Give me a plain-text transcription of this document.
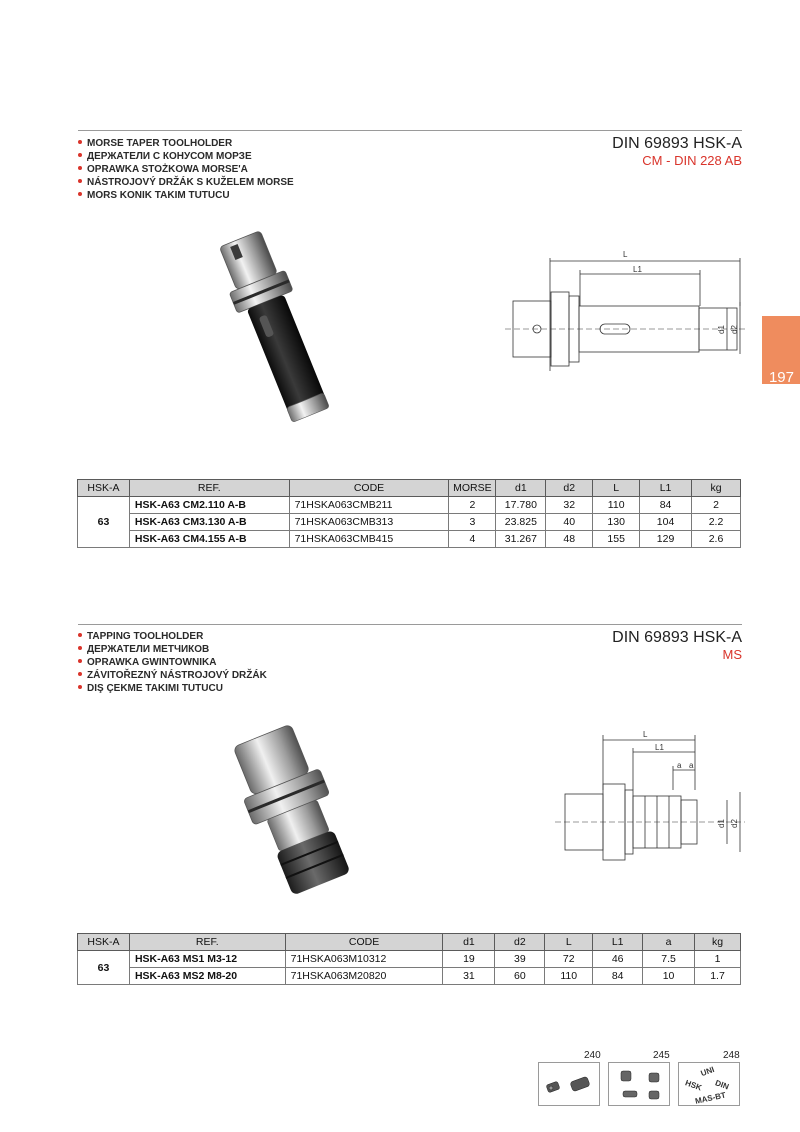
197
MORSE TAPER TOOLHOLDER
ДЕРЖАТЕЛИ С КОНУСОМ МОРЗЕ
OPRAWKA STOŻKOWA MORSE'A
NÁSTROJOVÝ DRŽÁK S KUŽELEM MORSE
MORS KONIK TAKIM TUTUCU
DIN 69893 HSK-A
CM - DIN 228 AB
L
L1
d1 d2
HSK-A	REF.	CODE	MORSE	d1	d2	L	L1	kg
63	HSK-A63 CM2.110 A-B	71HSKA063CMB211	2	17.780	32	110	84	2
	HSK-A63 CM3.130 A-B	71HSKA063CMB313	3	23.825	40	130	104	2.2
	HSK-A63 CM4.155 A-B	71HSKA063CMB415	4	31.267	48	155	129	2.6
TAPPING TOOLHOLDER
ДЕРЖАТЕЛИ МЕТЧИКОВ
OPRAWKA GWINTOWNIKA
ZÁVITOŘEZNÝ NÁSTROJOVÝ DRŽÁK
DIŞ ÇEKME TAKIMI TUTUCU
DIN 69893 HSK-A
MS
L
L1
a a
d1 d2
HSK-A	REF.	CODE	d1	d2	L	L1	a	kg
63	HSK-A63 MS1 M3-12	71HSKA063M10312	19	39	72	46	7.5	1
	HSK-A63 MS2 M8-20	71HSKA063M20820	31	60	110	84	10	1.7
240	245	248
UNI
HSK DIN
MAS-BT
